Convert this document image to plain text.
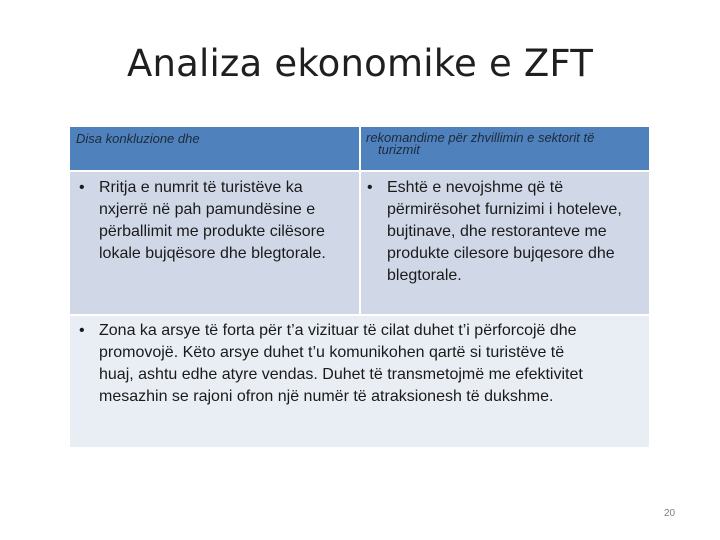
Analiza ekonomike e ZFT
Disa konkluzione dhe	rekomandime për zhvillimin e sektorit të
turizmit
• Rritja e numrit të turistëve ka
nxjerrë në pah pamundësine e
përballimit me produkte cilësore
lokale bujqësore dhe blegtorale.
• Eshtë e nevojshme që të
përmirësohet furnizimi i hoteleve,
bujtinave, dhe restoranteve me
produkte cilesore bujqesore dhe
blegtorale.
• Zona ka arsye të forta për t’a vizituar të cilat duhet t’i përforcojë dhe
promovojë. Këto arsye duhet t’u komunikohen qartë si turistëve të
huaj, ashtu edhe atyre vendas. Duhet të transmetojmë me efektivitet
mesazhin se rajoni ofron një numër të atraksionesh të dukshme.
20
